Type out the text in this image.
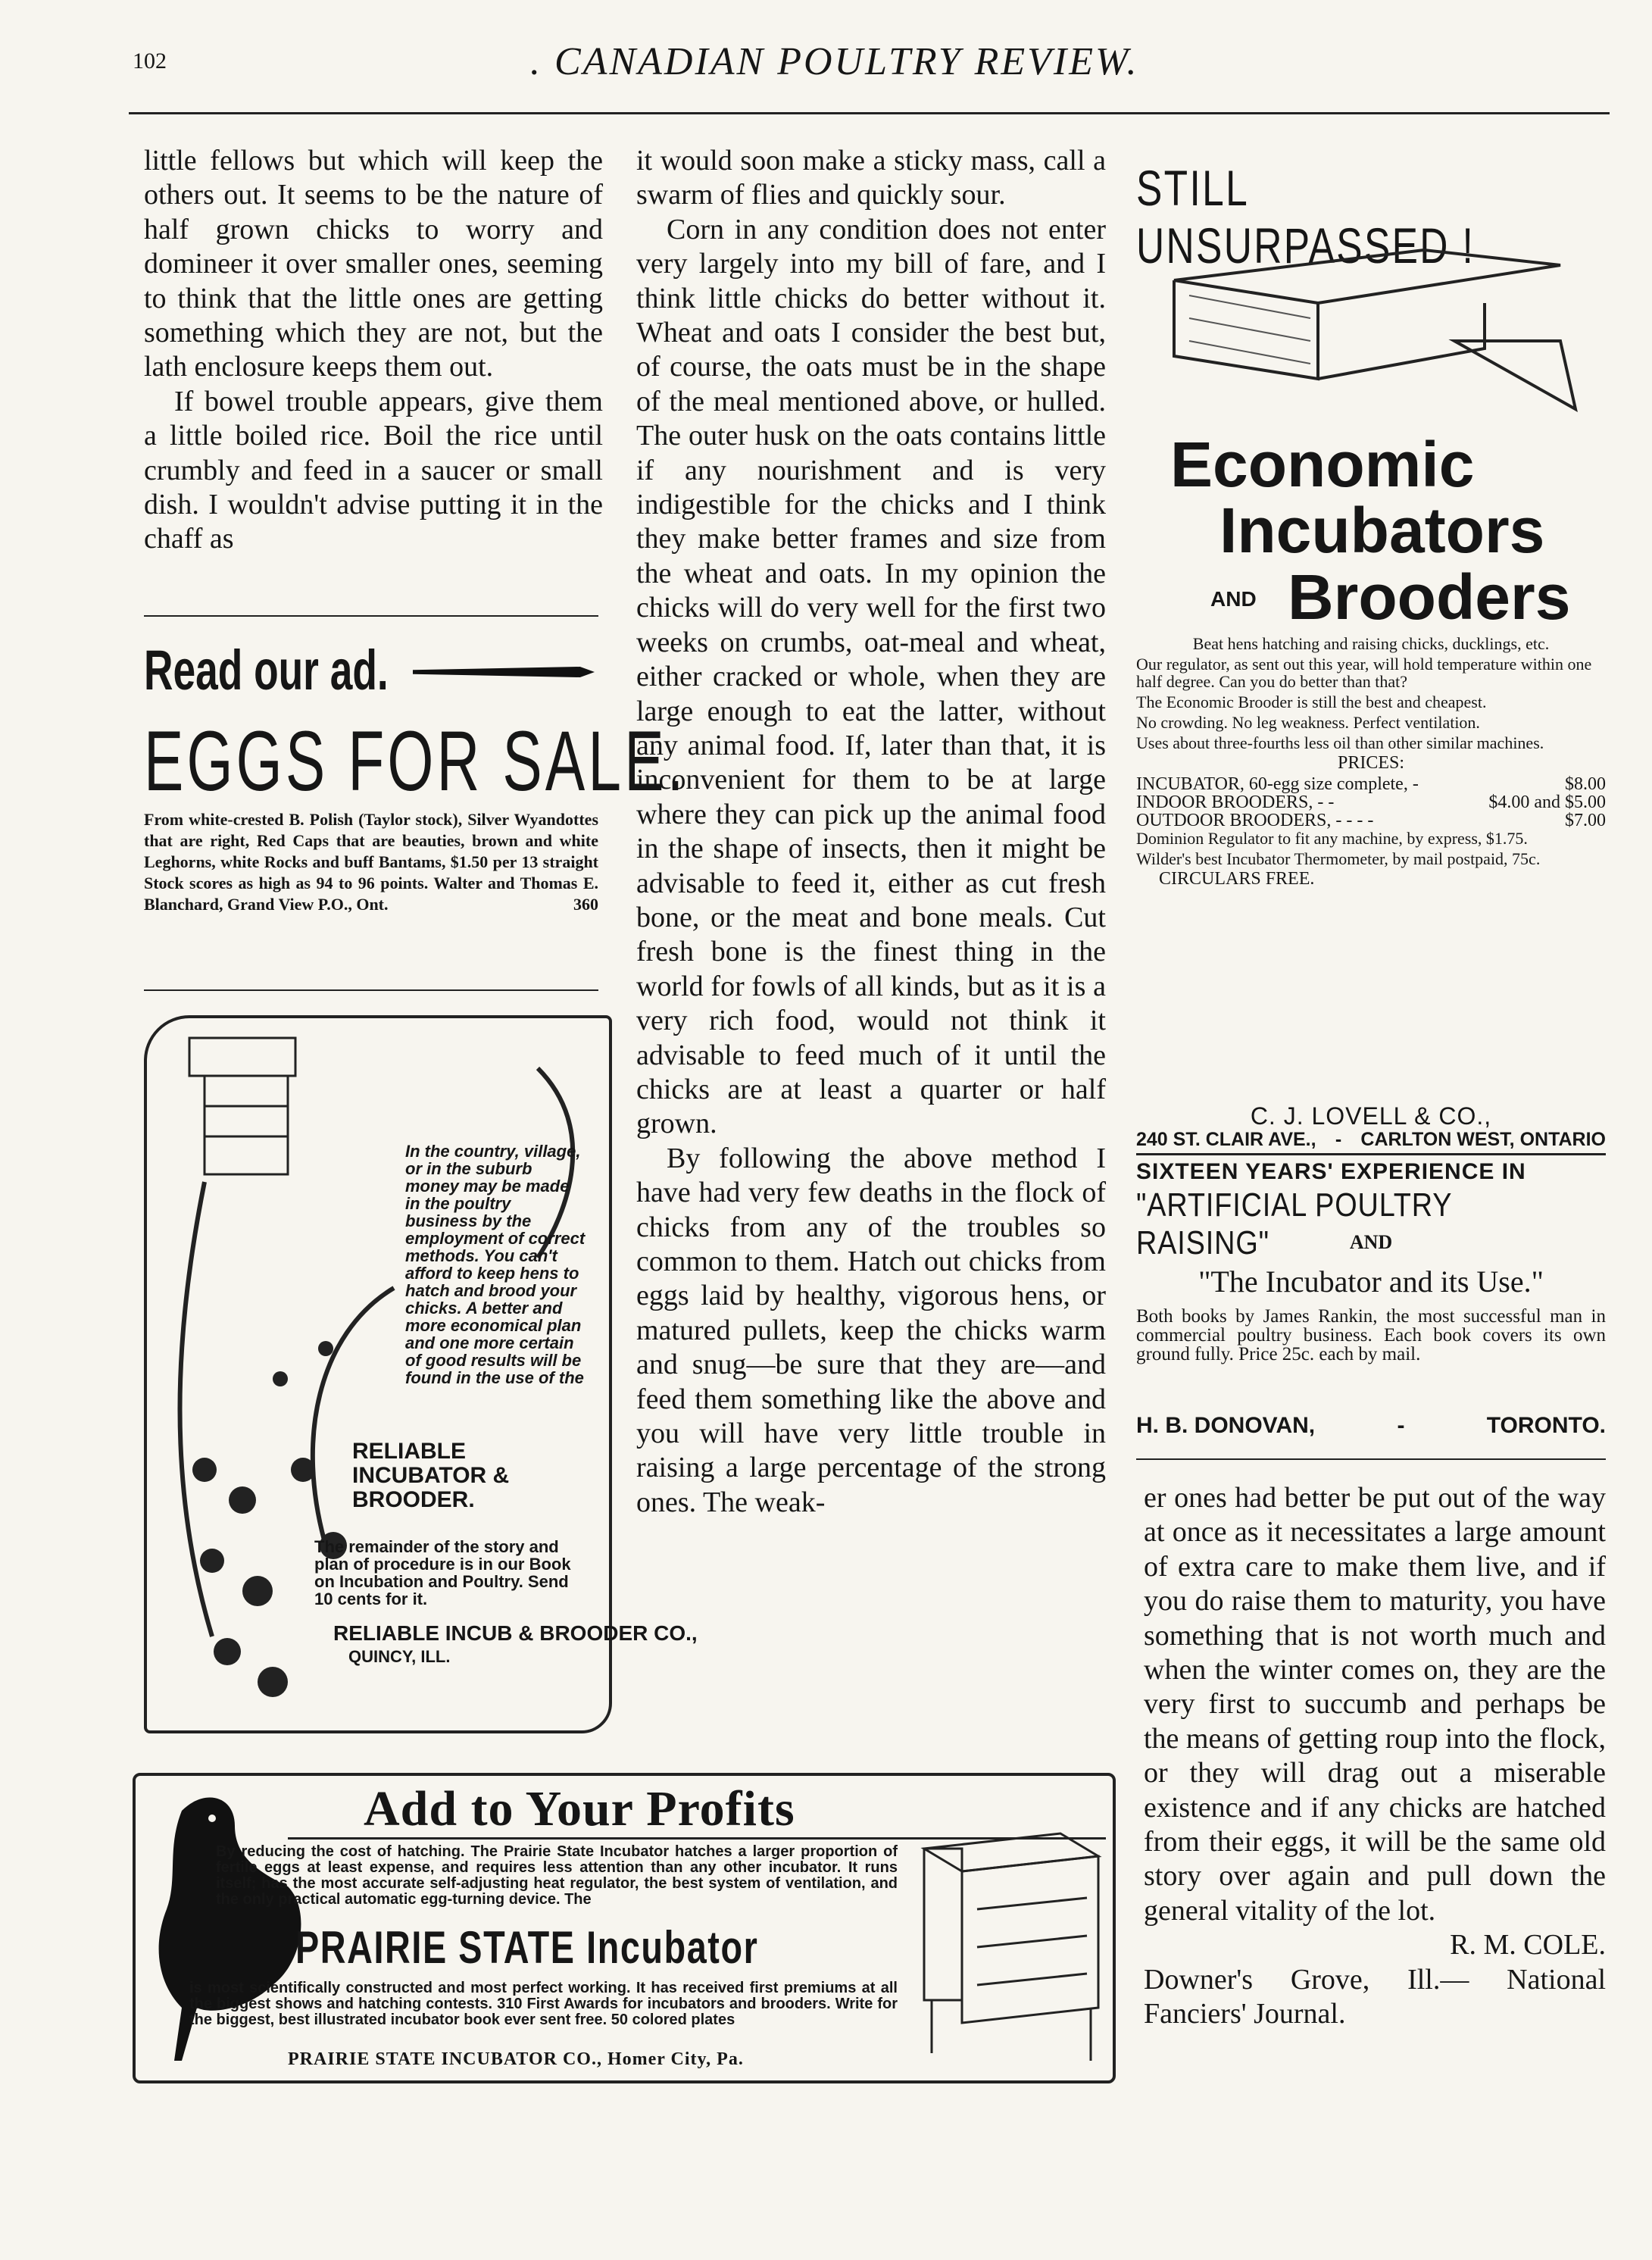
102	. CANADIAN POULTRY REVIEW.

little fellows but which will keep the others out. It seems to be the nature of half grown chicks to worry and domineer it over smaller ones, seeming to think that the little ones are getting something which they are not, but the lath enclosure keeps them out.

If bowel trouble appears, give them a little boiled rice. Boil the rice until crumbly and feed in a saucer or small dish. I wouldn't advise putting it in the chaff as

Read our ad.
EGGS FOR SALE.
From white-crested B. Polish (Taylor stock), Silver Wyandottes that are right, Red Caps that are beauties, brown and white Leghorns, white Rocks and buff Bantams, $1.50 per 13 straight Stock scores as high as 94 to 96 points. Walter and Thomas E. Blanchard, Grand View P.O., Ont.	360
In the country, village, or in the suburb money may be made in the poultry business by the employment of correct methods. You can't afford to keep hens to hatch and brood your chicks. A better and more economical plan and one more certain of good results will be found in the use of the
RELIABLE INCUBATOR & BROODER.
The remainder of the story and plan of procedure is in our Book on Incubation and Poultry. Send 10 cents for it.
RELIABLE INCUB & BROODER CO.,
QUINCY, ILL.

it would soon make a sticky mass, call a swarm of flies and quickly sour.

Corn in any condition does not enter very largely into my bill of fare, and I think little chicks do better without it. Wheat and oats I consider the best but, of course, the oats must be in the shape of the meal mentioned above, or hulled. The outer husk on the oats contains little if any nourishment and is very indigestible for the chicks and I think they make better frames and size from the wheat and oats. In my opinion the chicks will do very well for the first two weeks on crumbs, oat-meal and wheat, either cracked or whole, when they are large enough to eat the latter, without any animal food. If, later than that, it is inconvenient for them to be at large where they can pick up the animal food in the shape of insects, then it might be advisable to feed it, either as cut fresh bone, or the meat and bone meals. Cut fresh bone is the finest thing in the world for fowls of all kinds, but as it is a very rich food, would not think it advisable to feed much of it until the chicks are at least a quarter or half grown.

By following the above method I have had very few deaths in the flock of chicks from any of the troubles so common to them. Hatch out chicks from eggs laid by healthy, vigorous hens, or matured pullets, keep the chicks warm and snug—be sure that they are—and feed them something like the above and you will have very little trouble in raising a large percentage of the strong ones. The weak-

STILL UNSURPASSED !
Economic
Incubators
AND Brooders

Beat hens hatching and raising chicks, ducklings, etc.

Our regulator, as sent out this year, will hold temperature within one half degree. Can you do better than that?

The Economic Brooder is still the best and cheapest.

No crowding. No leg weakness. Perfect ventilation.

Uses about three-fourths less oil than other similar machines.

PRICES:

INCUBATOR, 60-egg size complete, -	$8.00
INDOOR BROODERS, - -	$4.00 and $5.00
OUTDOOR BROODERS, - - - -	$7.00

Dominion Regulator to fit any machine, by express, $1.75.

Wilder's best Incubator Thermometer, by mail postpaid, 75c.

CIRCULARS FREE.

C. J. LOVELL & CO.,
240 ST. CLAIR AVE., - CARLTON WEST, ONTARIO
SIXTEEN YEARS' EXPERIENCE IN
"ARTIFICIAL POULTRY RAISING"	AND
"The Incubator and its Use."
Both books by James Rankin, the most successful man in commercial poultry business. Each book covers its own ground fully. Price 25c. each by mail.
H. B. DONOVAN,	-	TORONTO.

er ones had better be put out of the way at once as it necessitates a large amount of extra care to make them live, and if you do raise them to maturity, you have something that is not worth much and when the winter comes on, they are the very first to succumb and perhaps be the means of getting roup into the flock, or they will drag out a miserable existence and if any chicks are hatched from their eggs, it will be the same old story over again and pull down the general vitality of the lot.

R. M. COLE.

Downer's Grove, Ill.— National Fanciers' Journal.

Add to Your Profits
By reducing the cost of hatching. The Prairie State Incubator hatches a larger proportion of fertile eggs at least expense, and requires less attention than any other incubator. It runs itself; has the most accurate self-adjusting heat regulator, the best system of ventilation, and the only practical automatic egg-turning device. The
PRAIRIE STATE Incubator
is most scientifically constructed and most perfect working. It has received first premiums at all the biggest shows and hatching contests. 310 First Awards for incubators and brooders. Write for the biggest, best illustrated incubator book ever sent free. 50 colored plates
PRAIRIE STATE INCUBATOR CO., Homer City, Pa.
